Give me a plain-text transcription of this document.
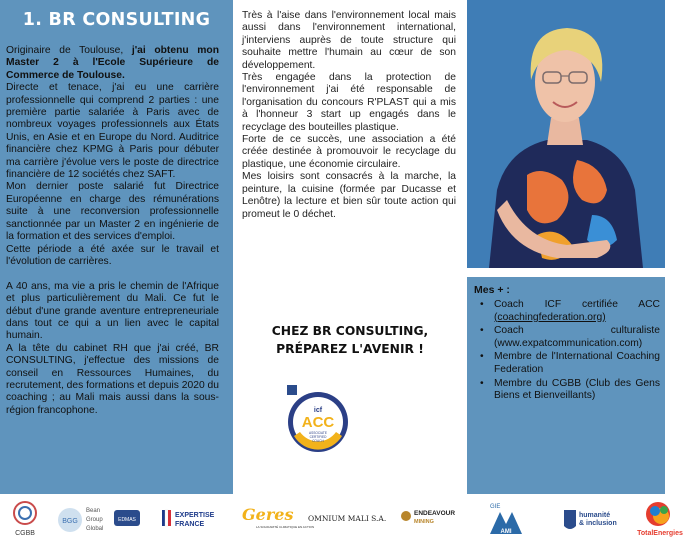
1. BR CONSULTING

Originaire de Toulouse, j'ai obtenu mon Master 2 à l'Ecole Supérieure de Commerce de Toulouse.

Directe et tenace, j'ai eu une carrière professionnelle qui comprend 2 parties : une première partie salariée à Paris avec de nombreux voyages professionnels aux États Unis, en Asie et en Europe du Nord. Auditrice financière chez KPMG à Paris pour débuter ma carrière j'évolue vers le poste de directrice financière de 12 sociétés chez SAFT.

Mon dernier poste salarié fut Directrice Européenne en charge des rémunérations suite à une reconversion professionnelle sanctionnée par un Master 2 en ingénierie de la formation et des services d'emploi.

Cette période a été axée sur le travail et l'évolution de carrières.

A 40 ans, ma vie a pris le chemin de l'Afrique et plus particulièrement du Mali. Ce fut le début d'une grande aventure entrepreneuriale dans tout ce qui a un lien avec le capital humain.

A la tête du cabinet RH que j'ai créé, BR CONSULTING, j'effectue des missions de conseil en Ressources Humaines, du recrutement, des formations et depuis 2020 du coaching ; au Mali mais aussi dans la sous-région francophone.

Très à l'aise dans l'environnement local mais aussi dans l'environnement international, j'interviens auprès de toute structure qui souhaite mettre l'humain au cœur de son développement.

Très engagée dans la protection de l'environnement j'ai été responsable de l'organisation du concours R'PLAST qui a mis à l'honneur 3 start up engagés dans le recyclage des bouteilles plastique.

Forte de ce succès, une association a été créée destinée à promouvoir le recyclage du plastique, une économie circulaire.

Mes loisirs sont consacrés à la marche, la peinture, la cuisine (formée par Ducasse et Lenôtre) la lecture et bien sûr toute action qui promeut le 0 déchet.

CHEZ BR CONSULTING,
PRÉPAREZ L'AVENIR !
icf
ACC
ASSOCIATE
CERTIFIED
COACH
Mes + :
• Coach ICF certifiée ACC (coachingfederation.org)
• Coach culturaliste (www.expatcommunication.com)
• Membre de l'International Coaching Federation
• Membre du CGBB (Club des Gens Biens et Bienveillants)
CGBB
BGG
Bean
Group
Global
EDMAS
EXPERTISE
FRANCE
Geres
LA SOLIDARITÉ CLIMATIQUE EN ACTION
OMNIUM MALI S.A.
ENDEAVOUR
MINING
GIE
AMI
humanité
& inclusion
TotalEnergies
